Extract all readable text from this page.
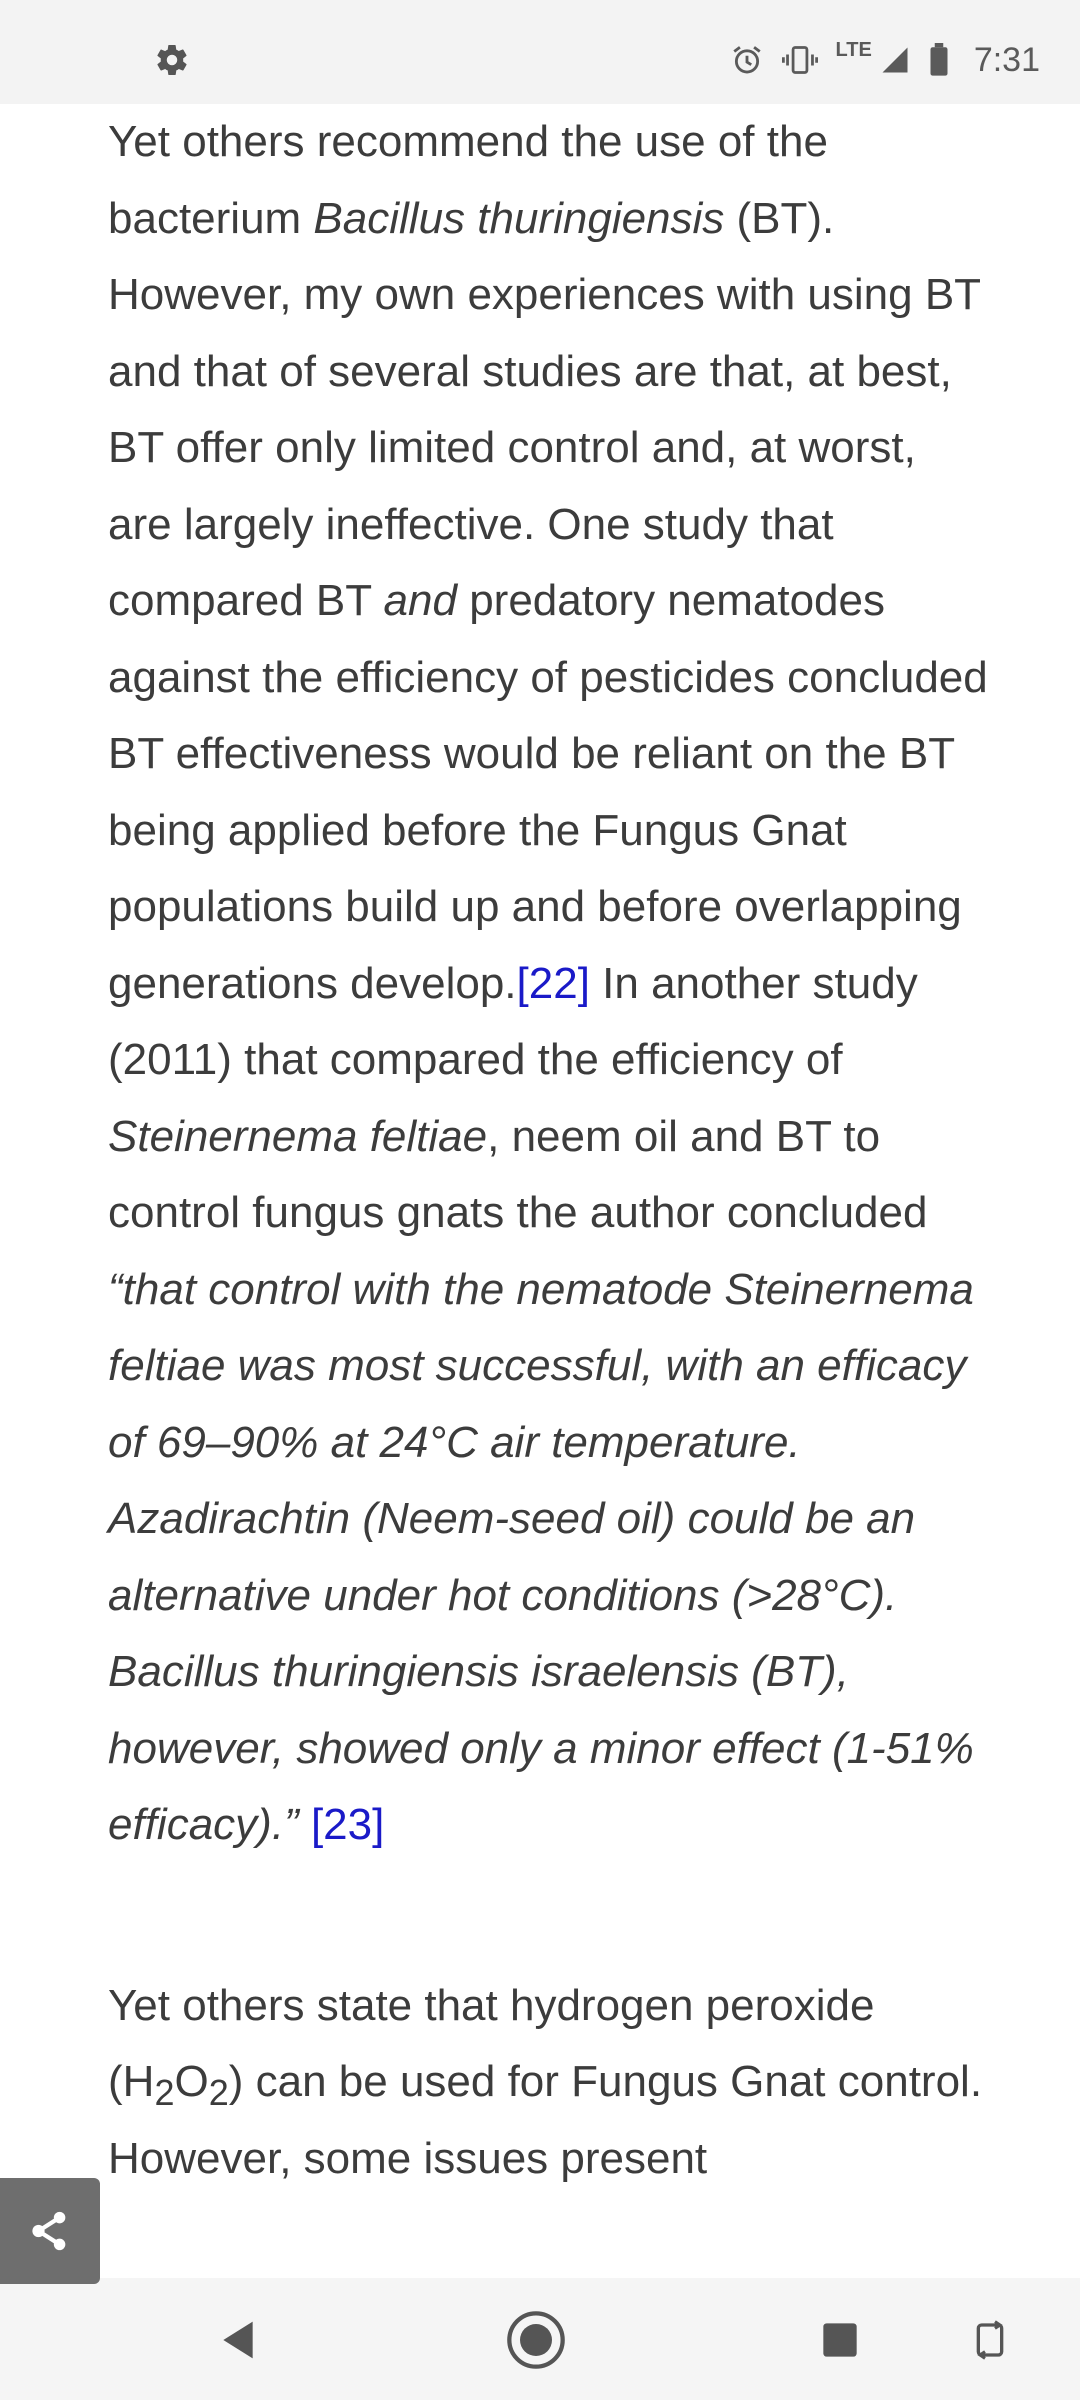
LTE	7:31

Yet others recommend the use of the bacterium Bacillus thuringiensis (BT). However, my own experiences with using BT and that of several studies are that, at best, BT offer only limited control and, at worst, are largely ineffective. One study that compared BT and predatory nematodes against the efficiency of pesticides concluded BT effectiveness would be reliant on the BT being applied before the Fungus Gnat populations build up and before overlapping generations develop.[22] In another study (2011) that compared the efficiency of Steinernema feltiae, neem oil and BT to control fungus gnats the author concluded “that control with the nematode Steinernema feltiae was most successful, with an efficacy of 69–90% at 24°C air temperature. Azadirachtin (Neem-seed oil) could be an alternative under hot conditions (>28°C). Bacillus thuringiensis israelensis (BT), however, showed only a minor effect (1-51% efficacy).” [23]

Yet others state that hydrogen peroxide $(H_2O_2)$ can be used for Fungus Gnat control. However, some issues present
